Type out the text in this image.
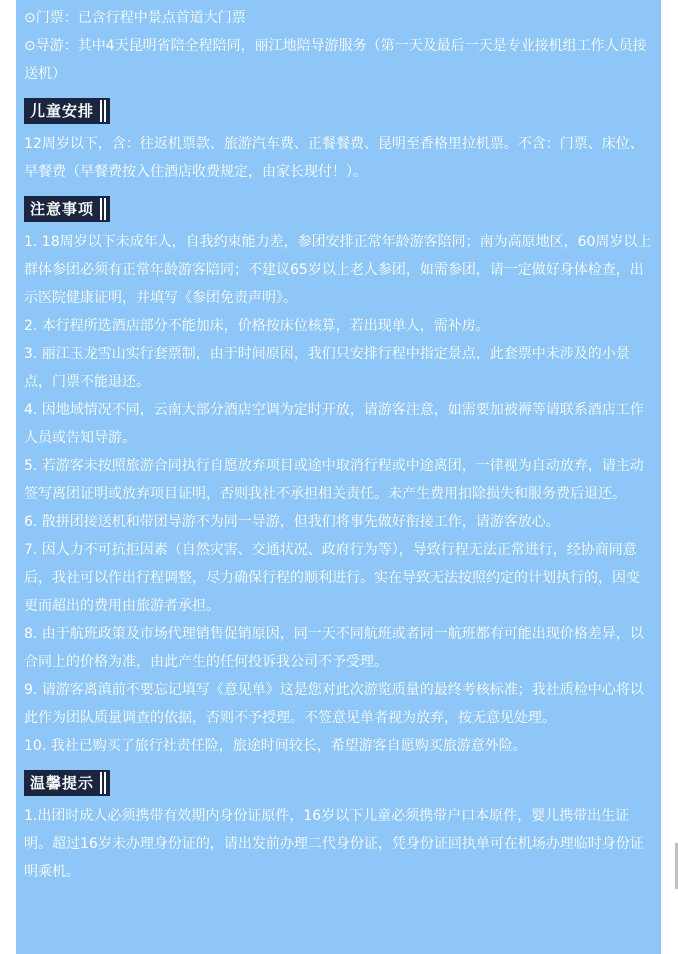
⊙门票：已含行程中景点首道大门票

⊙导游：其中4天昆明省陪全程陪同，丽江地陪导游服务（第一天及最后一天是专业接机组工作人员接送机）

儿童安排

12周岁以下，含：往返机票款、旅游汽车费、正餐餐费、昆明至香格里拉机票。不含：门票、床位、早餐费（早餐费按入住酒店收费规定，由家长现付！）。

注意事项

1. 18周岁以下未成年人，自我约束能力差，参团安排正常年龄游客陪同；南为高原地区，60周岁以上群体参团必须有正常年龄游客陪同；不建议65岁以上老人参团，如需参团，请一定做好身体检查，出示医院健康证明，并填写《参团免责声明》。

2. 本行程所选酒店部分不能加床，价格按床位核算，若出现单人，需补房。

3. 丽江玉龙雪山实行套票制，由于时间原因，我们只安排行程中指定景点，此套票中未涉及的小景点，门票不能退还。

4. 因地域情况不同，云南大部分酒店空调为定时开放，请游客注意，如需要加被褥等请联系酒店工作人员或告知导游。

5. 若游客未按照旅游合同执行自愿放弃项目或途中取消行程或中途离团，一律视为自动放弃，请主动签写离团证明或放弃项目证明，否则我社不承担相关责任。未产生费用扣除损失和服务费后退还。

6. 散拼团接送机和带团导游不为同一导游，但我们将事先做好衔接工作，请游客放心。

7. 因人力不可抗拒因素（自然灾害、交通状况、政府行为等），导致行程无法正常进行，经协商同意后，我社可以作出行程调整，尽力确保行程的顺利进行。实在导致无法按照约定的计划执行的，因变更而超出的费用由旅游者承担。

8. 由于航班政策及市场代理销售促销原因，同一天不同航班或者同一航班都有可能出现价格差异，以合同上的价格为准，由此产生的任何投诉我公司不予受理。

9. 请游客离滇前不要忘记填写《意见单》这是您对此次游览质量的最终考核标准；我社质检中心将以此作为团队质量调查的依据，否则不予授理。不签意见单者视为放弃，按无意见处理。

10. 我社已购买了旅行社责任险，旅途时间较长，希望游客自愿购买旅游意外险。

温馨提示

1.出团时成人必须携带有效期内身份证原件，16岁以下儿童必须携带户口本原件，婴儿携带出生证明。超过16岁未办理身份证的，请出发前办理二代身份证，凭身份证回执单可在机场办理临时身份证明乘机。
